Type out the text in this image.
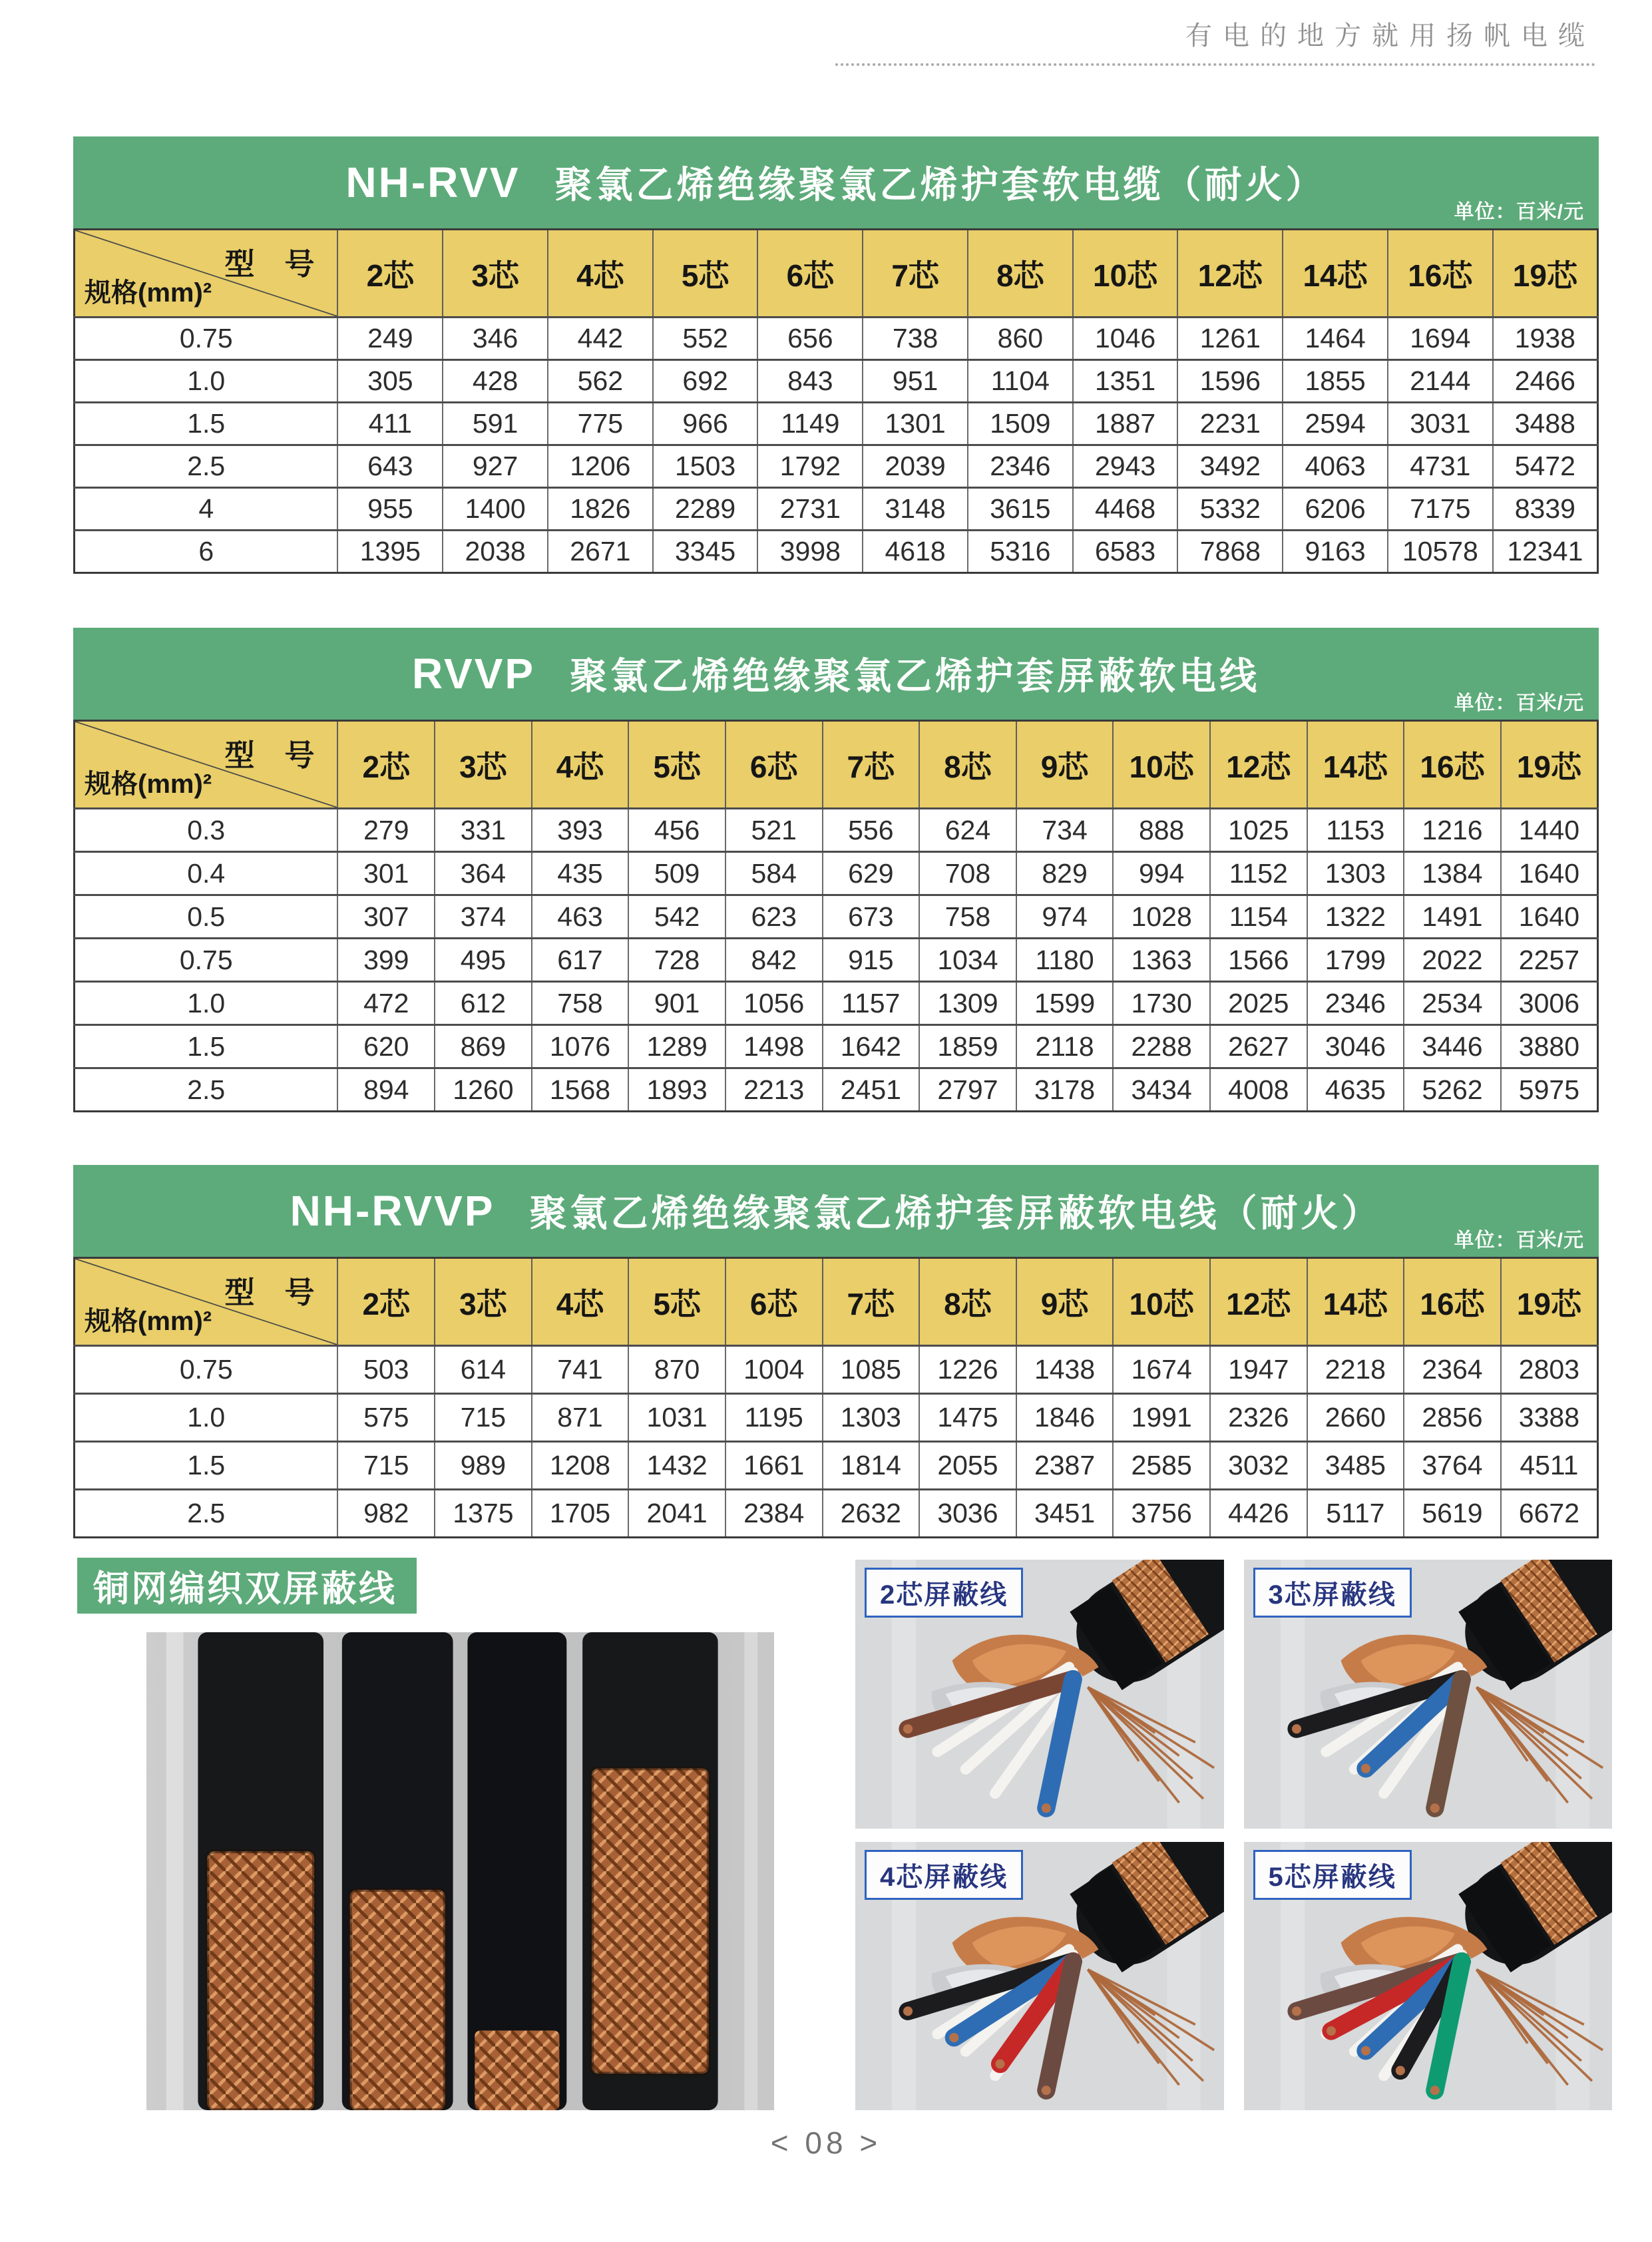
有电的地方就用扬帆电缆
NH-RVV 聚氯乙烯绝缘聚氯乙烯护套软电缆（耐火）
单位：百米/元
型　号
规格(mm)²	2芯	3芯	4芯	5芯	6芯	7芯	8芯	10芯	12芯	14芯	16芯	19芯
0.75	249	346	442	552	656	738	860	1046	1261	1464	1694	1938
1.0	305	428	562	692	843	951	1104	1351	1596	1855	2144	2466
1.5	411	591	775	966	1149	1301	1509	1887	2231	2594	3031	3488
2.5	643	927	1206	1503	1792	2039	2346	2943	3492	4063	4731	5472
4	955	1400	1826	2289	2731	3148	3615	4468	5332	6206	7175	8339
6	1395	2038	2671	3345	3998	4618	5316	6583	7868	9163	10578	12341
RVVP 聚氯乙烯绝缘聚氯乙烯护套屏蔽软电线
单位：百米/元
型　号
规格(mm)²	2芯	3芯	4芯	5芯	6芯	7芯	8芯	9芯	10芯	12芯	14芯	16芯	19芯
0.3	279	331	393	456	521	556	624	734	888	1025	1153	1216	1440
0.4	301	364	435	509	584	629	708	829	994	1152	1303	1384	1640
0.5	307	374	463	542	623	673	758	974	1028	1154	1322	1491	1640
0.75	399	495	617	728	842	915	1034	1180	1363	1566	1799	2022	2257
1.0	472	612	758	901	1056	1157	1309	1599	1730	2025	2346	2534	3006
1.5	620	869	1076	1289	1498	1642	1859	2118	2288	2627	3046	3446	3880
2.5	894	1260	1568	1893	2213	2451	2797	3178	3434	4008	4635	5262	5975
NH-RVVP 聚氯乙烯绝缘聚氯乙烯护套屏蔽软电线（耐火）
单位：百米/元
型　号
规格(mm)²	2芯	3芯	4芯	5芯	6芯	7芯	8芯	9芯	10芯	12芯	14芯	16芯	19芯
0.75	503	614	741	870	1004	1085	1226	1438	1674	1947	2218	2364	2803
1.0	575	715	871	1031	1195	1303	1475	1846	1991	2326	2660	2856	3388
1.5	715	989	1208	1432	1661	1814	2055	2387	2585	3032	3485	3764	4511
2.5	982	1375	1705	2041	2384	2632	3036	3451	3756	4426	5117	5619	6672
铜网编织双屏蔽线	2芯屏蔽线	3芯屏蔽线
4芯屏蔽线	5芯屏蔽线
< 08 >
